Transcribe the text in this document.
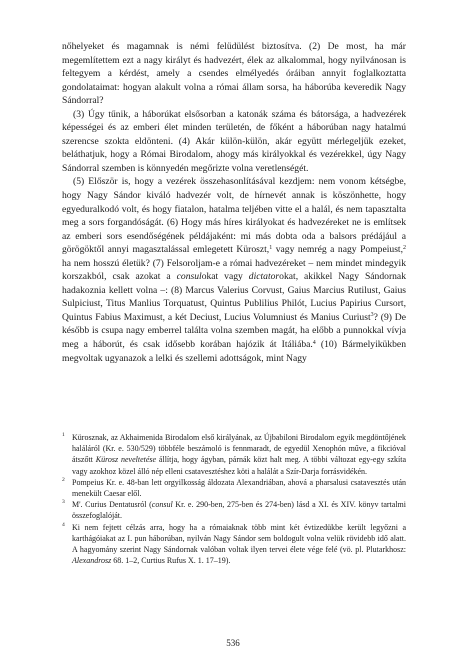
nőhelyeket és magamnak is némi felüdülést biztosítva. (2) De most, ha már megemlítettem ezt a nagy királyt és hadvezért, élek az alkalommal, hogy nyilvánosan is feltegyem a kérdést, amely a csendes elmélyedés óráiban annyit foglalkoztatta gondolataimat: hogyan alakult volna a római állam sorsa, ha háborúba keveredik Nagy Sándorral?

(3) Úgy tűnik, a háborúkat elsősorban a katonák száma és bátorsága, a hadvezérek képességei és az emberi élet minden területén, de főként a háborúban nagy hatalmú szerencse szokta eldönteni. (4) Akár külön-külön, akár együtt mérlegeljük ezeket, beláthatjuk, hogy a Római Birodalom, ahogy más királyokkal és vezérekkel, úgy Nagy Sándorral szemben is könnyedén megőrizte volna veretlenségét.

(5) Először is, hogy a vezérek összehasonlításával kezdjem: nem vonom kétségbe, hogy Nagy Sándor kiváló hadvezér volt, de hírnevét annak is köszönhette, hogy egyeduralkodó volt, és hogy fiatalon, hatalma teljében vitte el a halál, és nem tapasztalta meg a sors forgandóságát. (6) Hogy más híres királyokat és hadvezéreket ne is említsek az emberi sors esendőségének példájaként: mi más dobta oda a balsors prédájául a görögöktől annyi magasztalással emlegetett Küroszt,$^1$ vagy nemrég a nagy Pompeiust,$^2$ ha nem hosszú életük? (7) Felsoroljam-e a római hadvezéreket – nem mindet mindegyik korszakból, csak azokat a consulokat vagy dictatorokat, akikkel Nagy Sándornak hadakoznia kellett volna –: (8) Marcus Valerius Corvust, Gaius Marcius Rutilust, Gaius Sulpiciust, Titus Manlius Torquatust, Quintus Publilius Philót, Lucius Papirius Cursort, Quintus Fabius Maximust, a két Deciust, Lucius Volumniust és Manius Curiust$^3$? (9) De később is csupa nagy emberrel találta volna szemben magát, ha előbb a punnokkal vívja meg a háborút, és csak idősebb korában hajózik át Itáliába.$^4$ (10) Bármelyikükben megvoltak ugyanazok a lelki és szellemi adottságok, mint Nagy

1 Kürosznak, az Akhaimenida Birodalom első királyának, az Újbabiloni Birodalom egyik megdöntőjének haláláról (Kr. e. 530/529) többféle beszámoló is fennmaradt, de egyedül Xenophón műve, a fikcióval átszőtt Kürosz neveltetése állítja, hogy ágyban, párnák közt halt meg. A többi változat egy-egy szkíta vagy azokhoz közel álló nép elleni csatavesztéshez köti a halálát a Szír-Darja forrásvidékén.

2 Pompeius Kr. e. 48-ban lett orgyilkosság áldozata Alexandriában, ahová a pharsalusi csatavesztés után menekült Caesar elől.

3 M'. Curius Dentatusról (consul Kr. e. 290-ben, 275-ben és 274-ben) lásd a XI. és XIV. könyv tartalmi összefoglalóját.

4 Ki nem fejtett célzás arra, hogy ha a rómaiaknak több mint két évtizedükbe került legyőzni a karthágóiakat az I. pun háborúban, nyilván Nagy Sándor sem boldogult volna velük rövidebb idő alatt. A hagyomány szerint Nagy Sándornak valóban voltak ilyen tervei élete vége felé (vö. pl. Plutarkhosz: Alexandrosz 68. 1–2, Curtius Rufus X. 1. 17–19).

536
